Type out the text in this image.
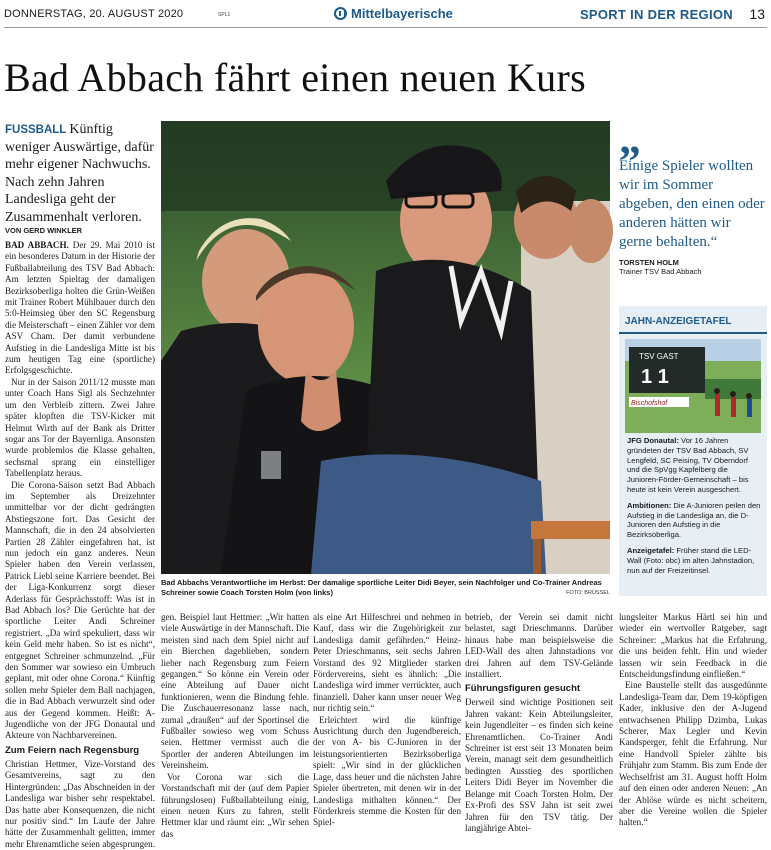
DONNERSTAG, 20. AUGUST 2020	SPL1	Mittelbayerische	SPORT IN DER REGION 13
Bad Abbach fährt einen neuen Kurs
FUSSBALL Künftig weniger Auswärtige, dafür mehr eigener Nachwuchs. Nach zehn Jahren Landesliga geht der Zusammenhalt verloren.
VON GERD WINKLER

BAD ABBACH. Der 29. Mai 2010 ist ein besonderes Datum in der Historie der Fußballabteilung des TSV Bad Abbach: Am letzten Spieltag der damaligen Bezirksoberliga holten die Grün-Weißen mit Trainer Robert Mühlbauer durch den 5:0-Heimsieg über den SC Regensburg die Meisterschaft – einen Zähler vor dem ASV Cham. Der damit verbundene Aufstieg in die Landesliga Mitte ist bis zum heutigen Tag eine (sportliche) Erfolgsgeschichte.

Nur in der Saison 2011/12 musste man unter Coach Hans Sigl als Sechzehnter um den Verbleib zittern. Zwei Jahre später klopften die TSV-Kicker mit Helmut Wirth auf der Bank als Dritter sogar ans Tor der Bayernliga. Ansonsten wurde problemlos die Klasse gehalten, sechsmal sprang ein einstelliger Tabellenplatz heraus.

Die Corona-Saison setzt Bad Abbach im September als Dreizehnter unmittelbar vor der dicht gedrängten Abstiegszone fort. Das Gesicht der Mannschaft, die in den 24 absolvierten Partien 28 Zähler eingefahren hat, ist nun jedoch ein ganz anderes. Neun Spieler haben den Verein verlassen, Patrick Liebl seine Karriere beendet. Bei der Liga-Konkurrenz sorgt dieser Aderlass für Gesprächsstoff: Was ist in Bad Abbach los? Die Gerüchte hat der sportliche Leiter Andi Schreiner registriert. „Da wird spekuliert, dass wir kein Geld mehr haben. So ist es nicht“, entgegnet Schreiner schmunzelnd. „Für den Sommer war sowieso ein Umbruch geplant, mit oder ohne Corona.“ Künftig sollen mehr Spieler dem Ball nachjagen, die in Bad Abbach verwurzelt sind oder aus der Gegend kommen. Heißt: A-Jugendliche von der JFG Donautal und Akteure von Nachbarvereinen.

Zum Feiern nach Regensburg

Christian Hettmer, Vize-Vorstand des Gesamtvereins, sagt zu den Hintergründen: „Das Abschneiden in der Landesliga war bisher sehr respektabel. Das hatte aber Konsequenzen, die nicht nur positiv sind.“ Im Laufe der Jahre hätte der Zusammenhalt gelitten, immer mehr Ehrenamtliche seien abgesprungen.

Bad Abbachs Verantwortliche im Herbst: Der damalige sportliche Leiter Didi Beyer, sein Nachfolger und Co-Trainer Andreas Schreiner sowie Coach Torsten Holm (von links)	FOTO: BRÜSSEL

gen. Beispiel laut Hettmer: „Wir hatten viele Auswärtige in der Mannschaft. Die meisten sind nach dem Spiel nicht auf ein Bierchen dageblieben, sondern lieber nach Regensburg zum Feiern gegangen.“ So könne ein Verein oder eine Abteilung auf Dauer nicht funktionieren, wenn die Bindung fehle. Die Zuschauerresonanz lasse nach, zumal „draußen“ auf der Sportinsel die Fußballer sowieso weg vom Schuss seien. Hettmer vermisst auch die Sportler der anderen Abteilungen im Vereinsheim.

Vor Corona war sich die Vorstandschaft mit der (auf dem Papier führungslosen) Fußballabteilung einig, einen neuen Kurs zu fahren, stellt Hettmer klar und räumt ein: „Wir sehen das

als eine Art Hilfeschrei und nehmen in Kauf, dass wir die Zugehörigkeit zur Landesliga damit gefährden.“ Heinz-Peter Drieschmanns, seit sechs Jahren Vorstand des 92 Mitglieder starken Fördervereins, sieht es ähnlich: „Die Landesliga wird immer verrückter, auch finanziell. Daher kann unser neuer Weg nur richtig sein.“

Erleichtert wird die künftige Ausrichtung durch den Jugendbereich, der von A- bis C-Junioren in der leistungsorientierten Bezirksoberliga spielt: „Wir sind in der glücklichen Lage, dass heuer und die nächsten Jahre Spieler übertreten, mit denen wir in der Landesliga mithalten können.“ Der Förderkreis stemme die Kosten für den Spiel-

betrieb, der Verein sei damit nicht belastet, sagt Drieschmanns. Darüber hinaus habe man beispielsweise die LED-Wall des alten Jahnstadions vor drei Jahren auf dem TSV-Gelände installiert.

Führungsfiguren gesucht

Derweil sind wichtige Positionen seit Jahren vakant: Kein Abteilungsleiter, kein Jugendleiter – es finden sich keine Ehrenamtlichen. Co-Trainer Andi Schreiner ist erst seit 13 Monaten beim Verein, managt seit dem gesundheitlich bedingten Ausstieg des sportlichen Leiters Didi Beyer im November die Belange mit Coach Torsten Holm. Der Ex-Profi des SSV Jahn ist seit zwei Jahren für den TSV tätig. Der langjährige Abtei-

lungsleiter Markus Härtl sei hin und wieder ein wertvoller Ratgeber, sagt Schreiner: „Markus hat die Erfahrung, die uns beiden fehlt. Hin und wieder lassen wir sein Feedback in die Entscheidungsfindung einfließen.“

Eine Baustelle stellt das ausgedünnte Landesliga-Team dar. Dem 19-köpfigen Kader, inklusive den der A-Jugend entwachsenen Philipp Dzimba, Lukas Scherer, Max Legler und Kevin Kandsperger, fehlt die Erfahrung. Nur eine Handvoll Spieler zählte bis Frühjahr zum Stamm. Bis zum Ende der Wechselfrist am 31. August hofft Holm auf den einen oder anderen Neuen: „An der Ablöse würde es nicht scheitern, aber die Vereine wollen die Spieler halten.“

„
Einige Spieler wollten wir im Sommer abgeben, den einen oder anderen hätten wir gerne behalten.“
TORSTEN HOLM
Trainer TSV Bad Abbach
JAHN-ANZEIGETAFEL
TSV GAST
1 1
Bischofshof

JFG Donautal: Vor 16 Jahren gründeten der TSV Bad Abbach, SV Lengfeld, SC Peising, TV Oberndorf und die SpVgg Kapfelberg die Junioren-Förder-Gemeinschaft – bis heute ist kein Verein ausgeschert.

Ambitionen: Die A-Junioren peilen den Aufstieg in die Landesliga an, die D-Junioren den Aufstieg in die Bezirksoberliga.

Anzeigetafel: Früher stand die LED-Wall (Foto: obc) im alten Jahnstadion, nun auf der Freizeitinsel.
